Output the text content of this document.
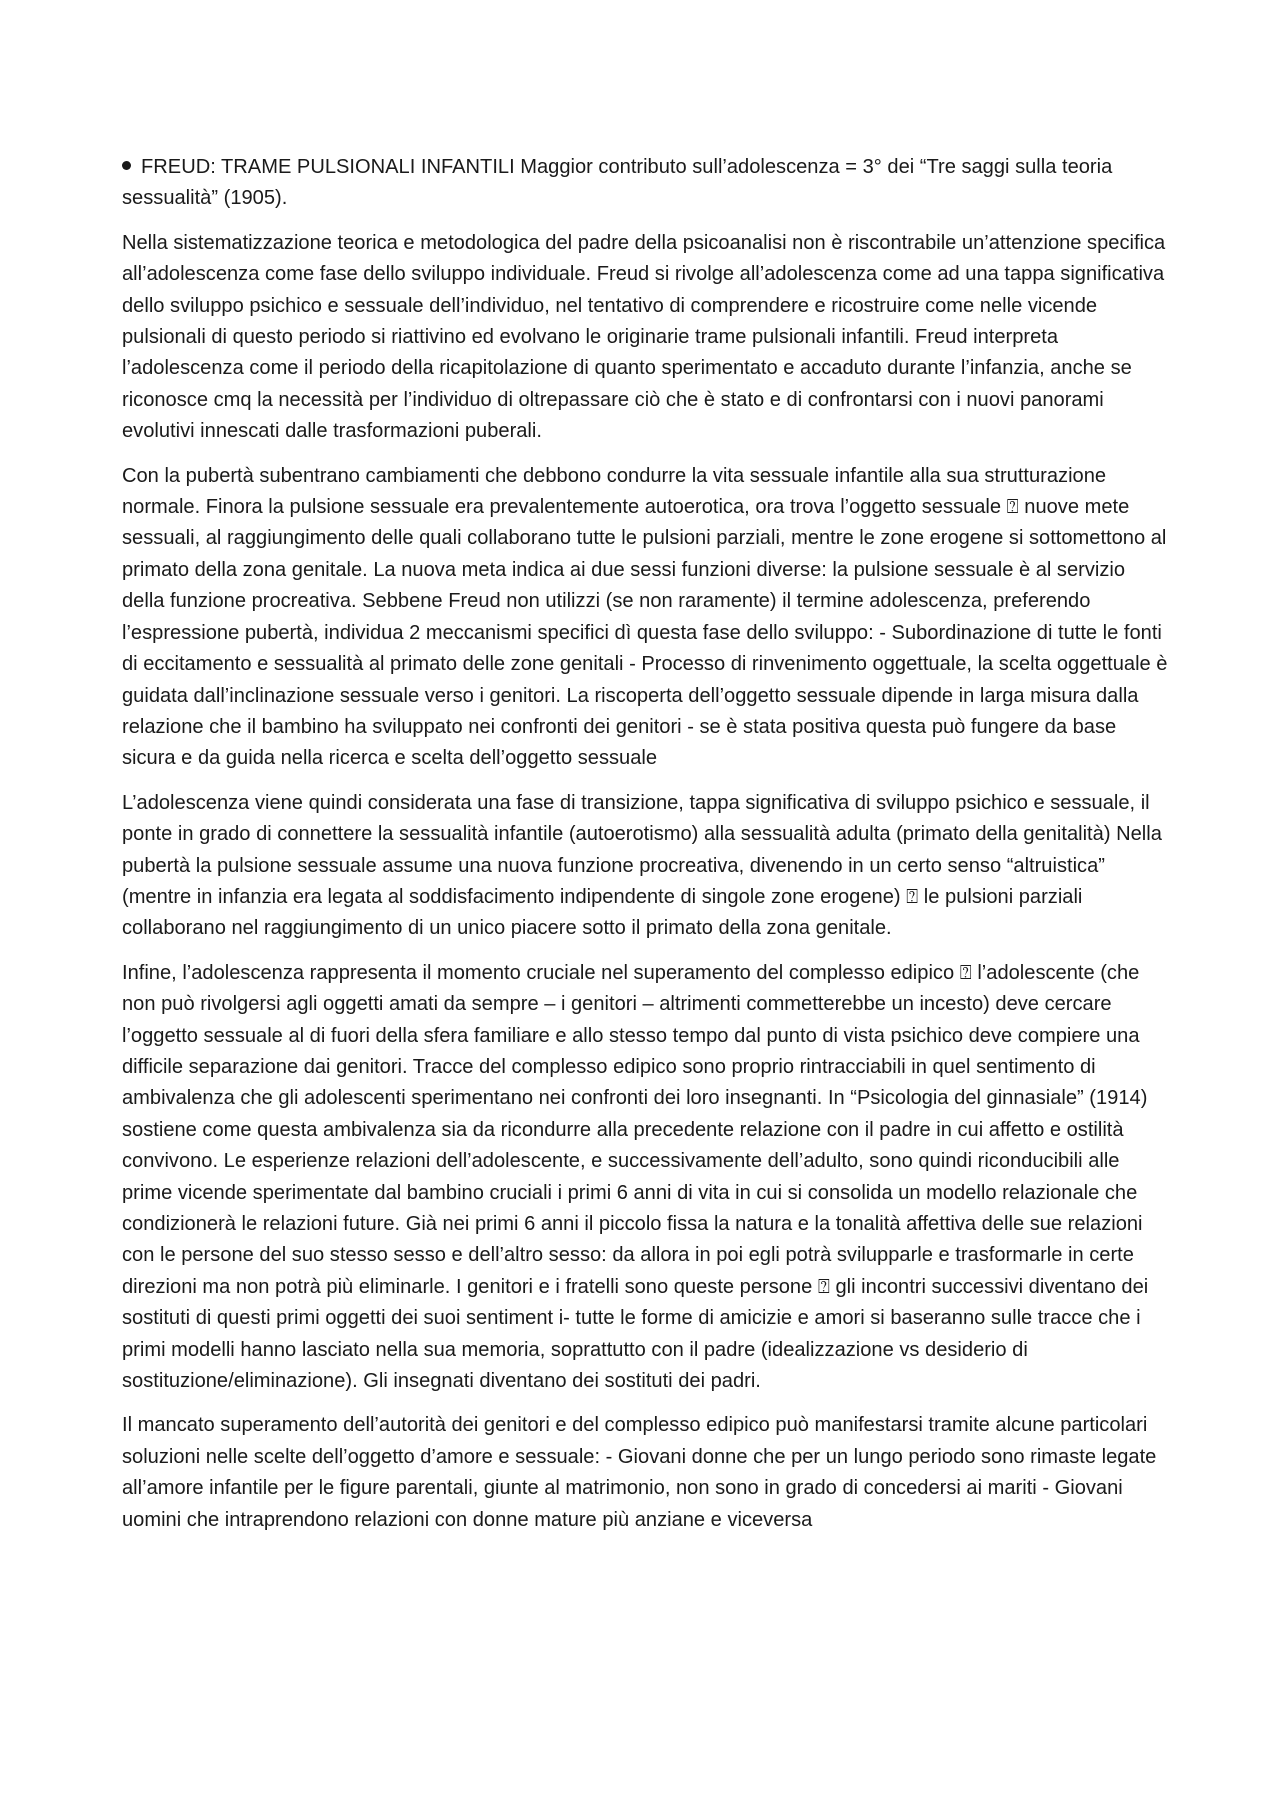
FREUD: TRAME PULSIONALI INFANTILI Maggior contributo sull’adolescenza = 3° dei “Tre saggi sulla teoria sessualità” (1905).

Nella sistematizzazione teorica e metodologica del padre della psicoanalisi non è riscontrabile un’attenzione specifica all’adolescenza come fase dello sviluppo individuale. Freud si rivolge all’adolescenza come ad una tappa significativa dello sviluppo psichico e sessuale dell’individuo, nel tentativo di comprendere e ricostruire come nelle vicende pulsionali di questo periodo si riattivino ed evolvano le originarie trame pulsionali infantili. Freud interpreta l’adolescenza come il periodo della ricapitolazione di quanto sperimentato e accaduto durante l’infanzia, anche se riconosce cmq la necessità per l’individuo di oltrepassare ciò che è stato e di confrontarsi con i nuovi panorami evolutivi innescati dalle trasformazioni puberali.

Con la pubertà subentrano cambiamenti che debbono condurre la vita sessuale infantile alla sua strutturazione normale. Finora la pulsione sessuale era prevalentemente autoerotica, ora trova l’oggetto sessuale ⍰ nuove mete sessuali, al raggiungimento delle quali collaborano tutte le pulsioni parziali, mentre le zone erogene si sottomettono al primato della zona genitale. La nuova meta indica ai due sessi funzioni diverse: la pulsione sessuale è al servizio della funzione procreativa. Sebbene Freud non utilizzi (se non raramente) il termine adolescenza, preferendo l’espressione pubertà, individua 2 meccanismi specifici dì questa fase dello sviluppo: - Subordinazione di tutte le fonti di eccitamento e sessualità al primato delle zone genitali - Processo di rinvenimento oggettuale, la scelta oggettuale è guidata dall’inclinazione sessuale verso i genitori. La riscoperta dell’oggetto sessuale dipende in larga misura dalla relazione che il bambino ha sviluppato nei confronti dei genitori - se è stata positiva questa può fungere da base sicura e da guida nella ricerca e scelta dell’oggetto sessuale

L’adolescenza viene quindi considerata una fase di transizione, tappa significativa di sviluppo psichico e sessuale, il ponte in grado di connettere la sessualità infantile (autoerotismo) alla sessualità adulta (primato della genitalità) Nella pubertà la pulsione sessuale assume una nuova funzione procreativa, divenendo in un certo senso “altruistica” (mentre in infanzia era legata al soddisfacimento indipendente di singole zone erogene) ⍰ le pulsioni parziali collaborano nel raggiungimento di un unico piacere sotto il primato della zona genitale.

Infine, l’adolescenza rappresenta il momento cruciale nel superamento del complesso edipico ⍰ l’adolescente (che non può rivolgersi agli oggetti amati da sempre – i genitori – altrimenti commetterebbe un incesto) deve cercare l’oggetto sessuale al di fuori della sfera familiare e allo stesso tempo dal punto di vista psichico deve compiere una difficile separazione dai genitori. Tracce del complesso edipico sono proprio rintracciabili in quel sentimento di ambivalenza che gli adolescenti sperimentano nei confronti dei loro insegnanti. In “Psicologia del ginnasiale” (1914) sostiene come questa ambivalenza sia da ricondurre alla precedente relazione con il padre in cui affetto e ostilità convivono. Le esperienze relazioni dell’adolescente, e successivamente dell’adulto, sono quindi riconducibili alle prime vicende sperimentate dal bambino cruciali i primi 6 anni di vita in cui si consolida un modello relazionale che condizionerà le relazioni future. Già nei primi 6 anni il piccolo fissa la natura e la tonalità affettiva delle sue relazioni con le persone del suo stesso sesso e dell’altro sesso: da allora in poi egli potrà svilupparle e trasformarle in certe direzioni ma non potrà più eliminarle. I genitori e i fratelli sono queste persone ⍰ gli incontri successivi diventano dei sostituti di questi primi oggetti dei suoi sentiment i- tutte le forme di amicizie e amori si baseranno sulle tracce che i primi modelli hanno lasciato nella sua memoria, soprattutto con il padre (idealizzazione vs desiderio di sostituzione/eliminazione). Gli insegnati diventano dei sostituti dei padri.

Il mancato superamento dell’autorità dei genitori e del complesso edipico può manifestarsi tramite alcune particolari soluzioni nelle scelte dell’oggetto d’amore e sessuale: - Giovani donne che per un lungo periodo sono rimaste legate all’amore infantile per le figure parentali, giunte al matrimonio, non sono in grado di concedersi ai mariti - Giovani uomini che intraprendono relazioni con donne mature più anziane e viceversa
